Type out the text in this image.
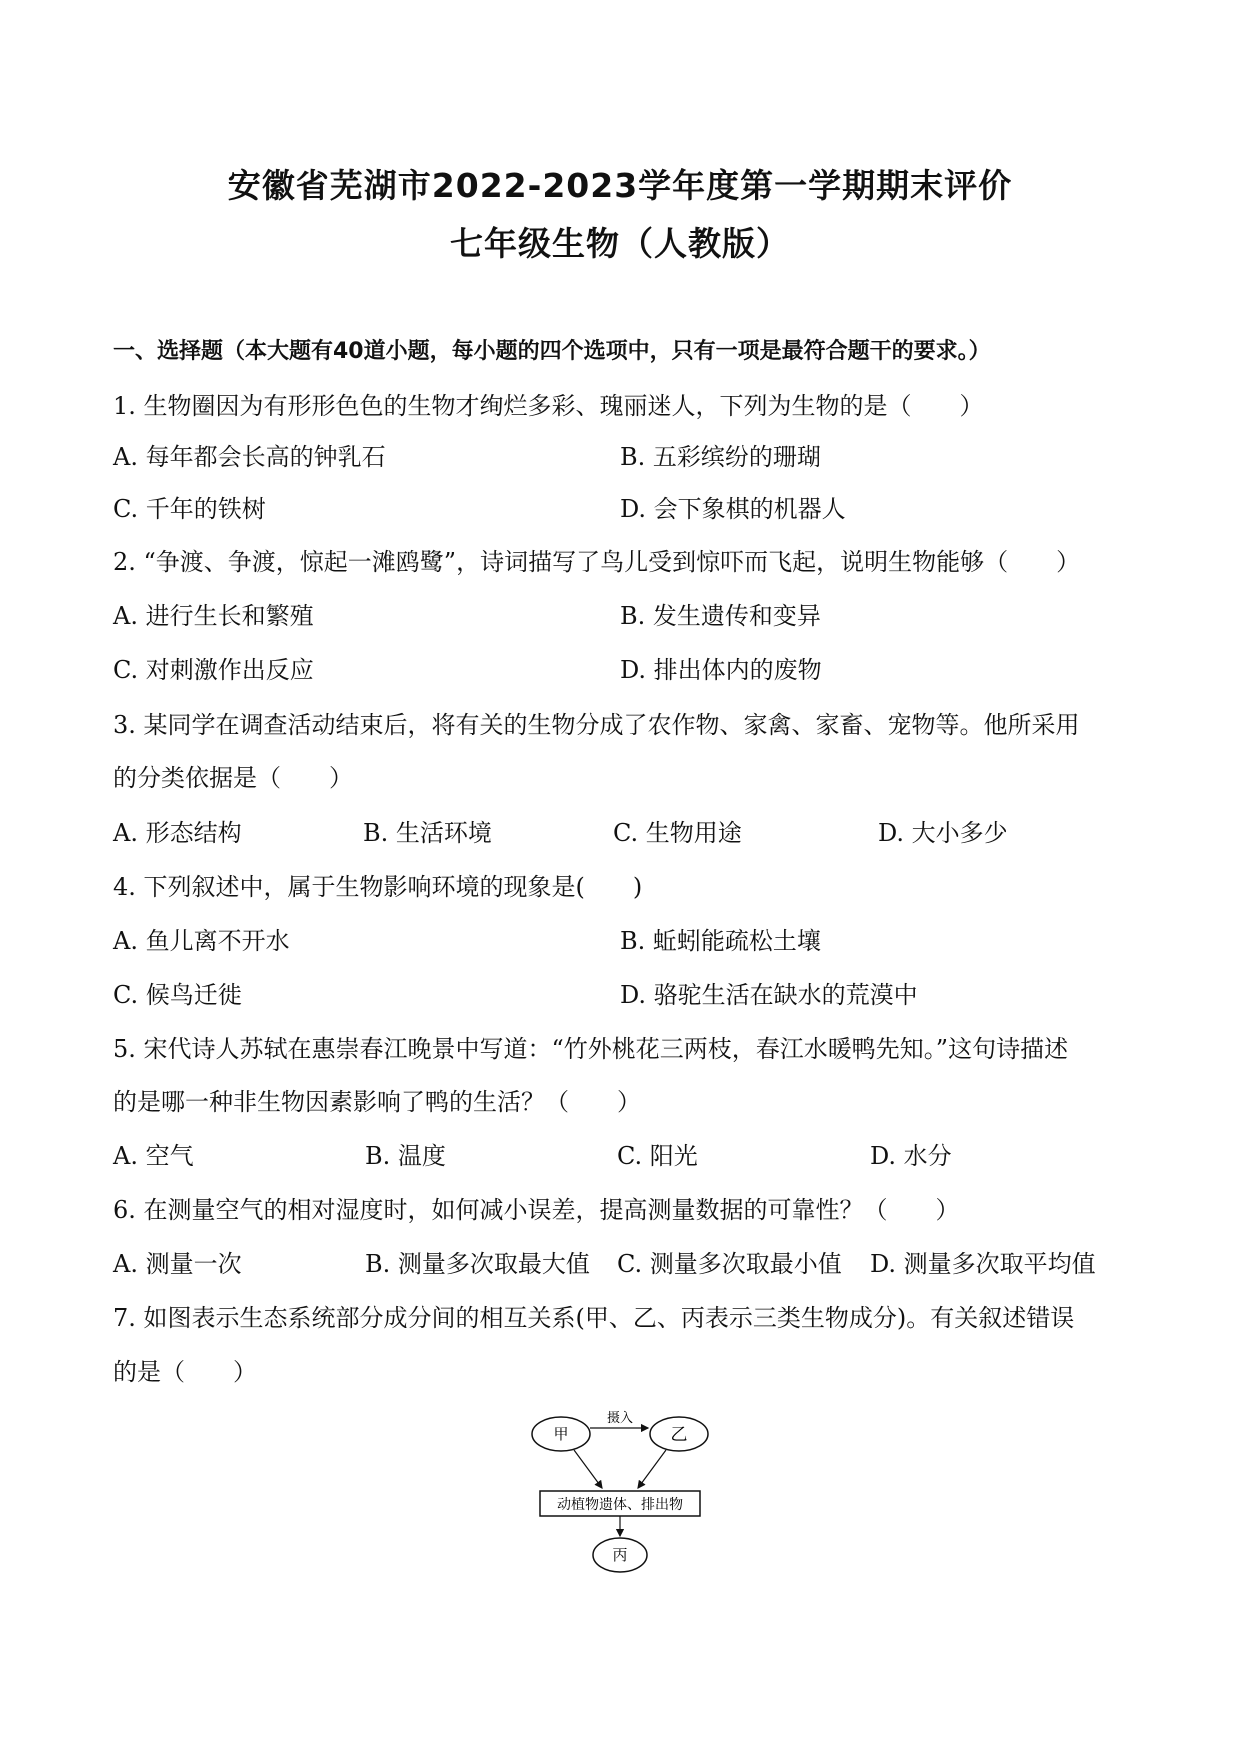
安徽省芜湖市2022-2023学年度第一学期期末评价
七年级生物（人教版）
一、选择题（本大题有40道小题，每小题的四个选项中，只有一项是最符合题干的要求。）
1. 生物圈因为有形形色色的生物才绚烂多彩、瑰丽迷人，下列为生物的是（　　）
A. 每年都会长高的钟乳石	B. 五彩缤纷的珊瑚
C. 千年的铁树	D. 会下象棋的机器人
2. “争渡、争渡，惊起一滩鸥鹭”，诗词描写了鸟儿受到惊吓而飞起，说明生物能够（　　）
A. 进行生长和繁殖	B. 发生遗传和变异
C. 对刺激作出反应	D. 排出体内的废物
3. 某同学在调查活动结束后，将有关的生物分成了农作物、家禽、家畜、宠物等。他所采用
的分类依据是（　　）
A. 形态结构	B. 生活环境	C. 生物用途	D. 大小多少
4. 下列叙述中，属于生物影响环境的现象是(　　)
A. 鱼儿离不开水	B. 蚯蚓能疏松土壤
C. 候鸟迁徙	D. 骆驼生活在缺水的荒漠中
5. 宋代诗人苏轼在惠崇春江晚景中写道：“竹外桃花三两枝，春江水暖鸭先知。”这句诗描述
的是哪一种非生物因素影响了鸭的生活？（　　）
A. 空气	B. 温度	C. 阳光	D. 水分
6. 在测量空气的相对湿度时，如何减小误差，提高测量数据的可靠性？（　　）
A. 测量一次	B. 测量多次取最大值 C. 测量多次取最小值 D. 测量多次取平均值
7. 如图表示生态系统部分成分间的相互关系(甲、乙、丙表示三类生物成分)。有关叙述错误
的是（　　）
甲	乙
摄入
动植物遗体、排出物
丙
